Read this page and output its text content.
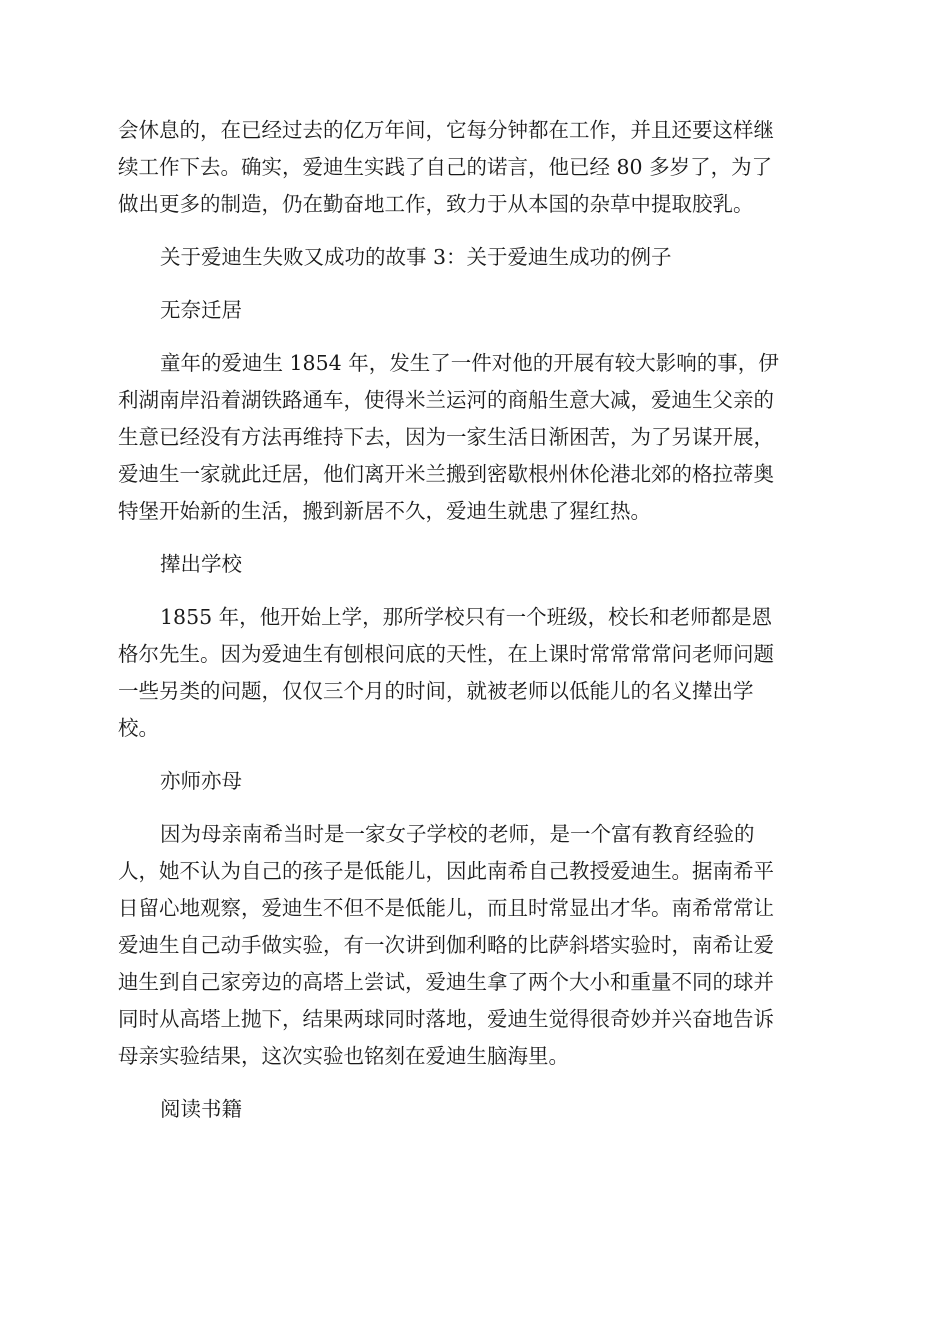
会休息的，在已经过去的亿万年间，它每分钟都在工作，并且还要这样继
续工作下去。确实，爱迪生实践了自己的诺言，他已经 80 多岁了，为了
做出更多的制造，仍在勤奋地工作，致力于从本国的杂草中提取胶乳。
关于爱迪生失败又成功的故事 3：关于爱迪生成功的例子
无奈迁居
童年的爱迪生 1854 年，发生了一件对他的开展有较大影响的事，伊
利湖南岸沿着湖铁路通车，使得米兰运河的商船生意大减，爱迪生父亲的
生意已经没有方法再维持下去，因为一家生活日渐困苦，为了另谋开展，
爱迪生一家就此迁居，他们离开米兰搬到密歇根州休伦港北郊的格拉蒂奥
特堡开始新的生活，搬到新居不久，爱迪生就患了猩红热。
撵出学校
1855 年，他开始上学，那所学校只有一个班级，校长和老师都是恩
格尔先生。因为爱迪生有刨根问底的天性，在上课时常常常常问老师问题
一些另类的问题，仅仅三个月的时间，就被老师以低能儿的名义撵出学
校。
亦师亦母
因为母亲南希当时是一家女子学校的老师，是一个富有教育经验的
人，她不认为自己的孩子是低能儿，因此南希自己教授爱迪生。据南希平
日留心地观察，爱迪生不但不是低能儿，而且时常显出才华。南希常常让
爱迪生自己动手做实验，有一次讲到伽利略的比萨斜塔实验时，南希让爱
迪生到自己家旁边的高塔上尝试，爱迪生拿了两个大小和重量不同的球并
同时从高塔上抛下，结果两球同时落地，爱迪生觉得很奇妙并兴奋地告诉
母亲实验结果，这次实验也铭刻在爱迪生脑海里。
阅读书籍
